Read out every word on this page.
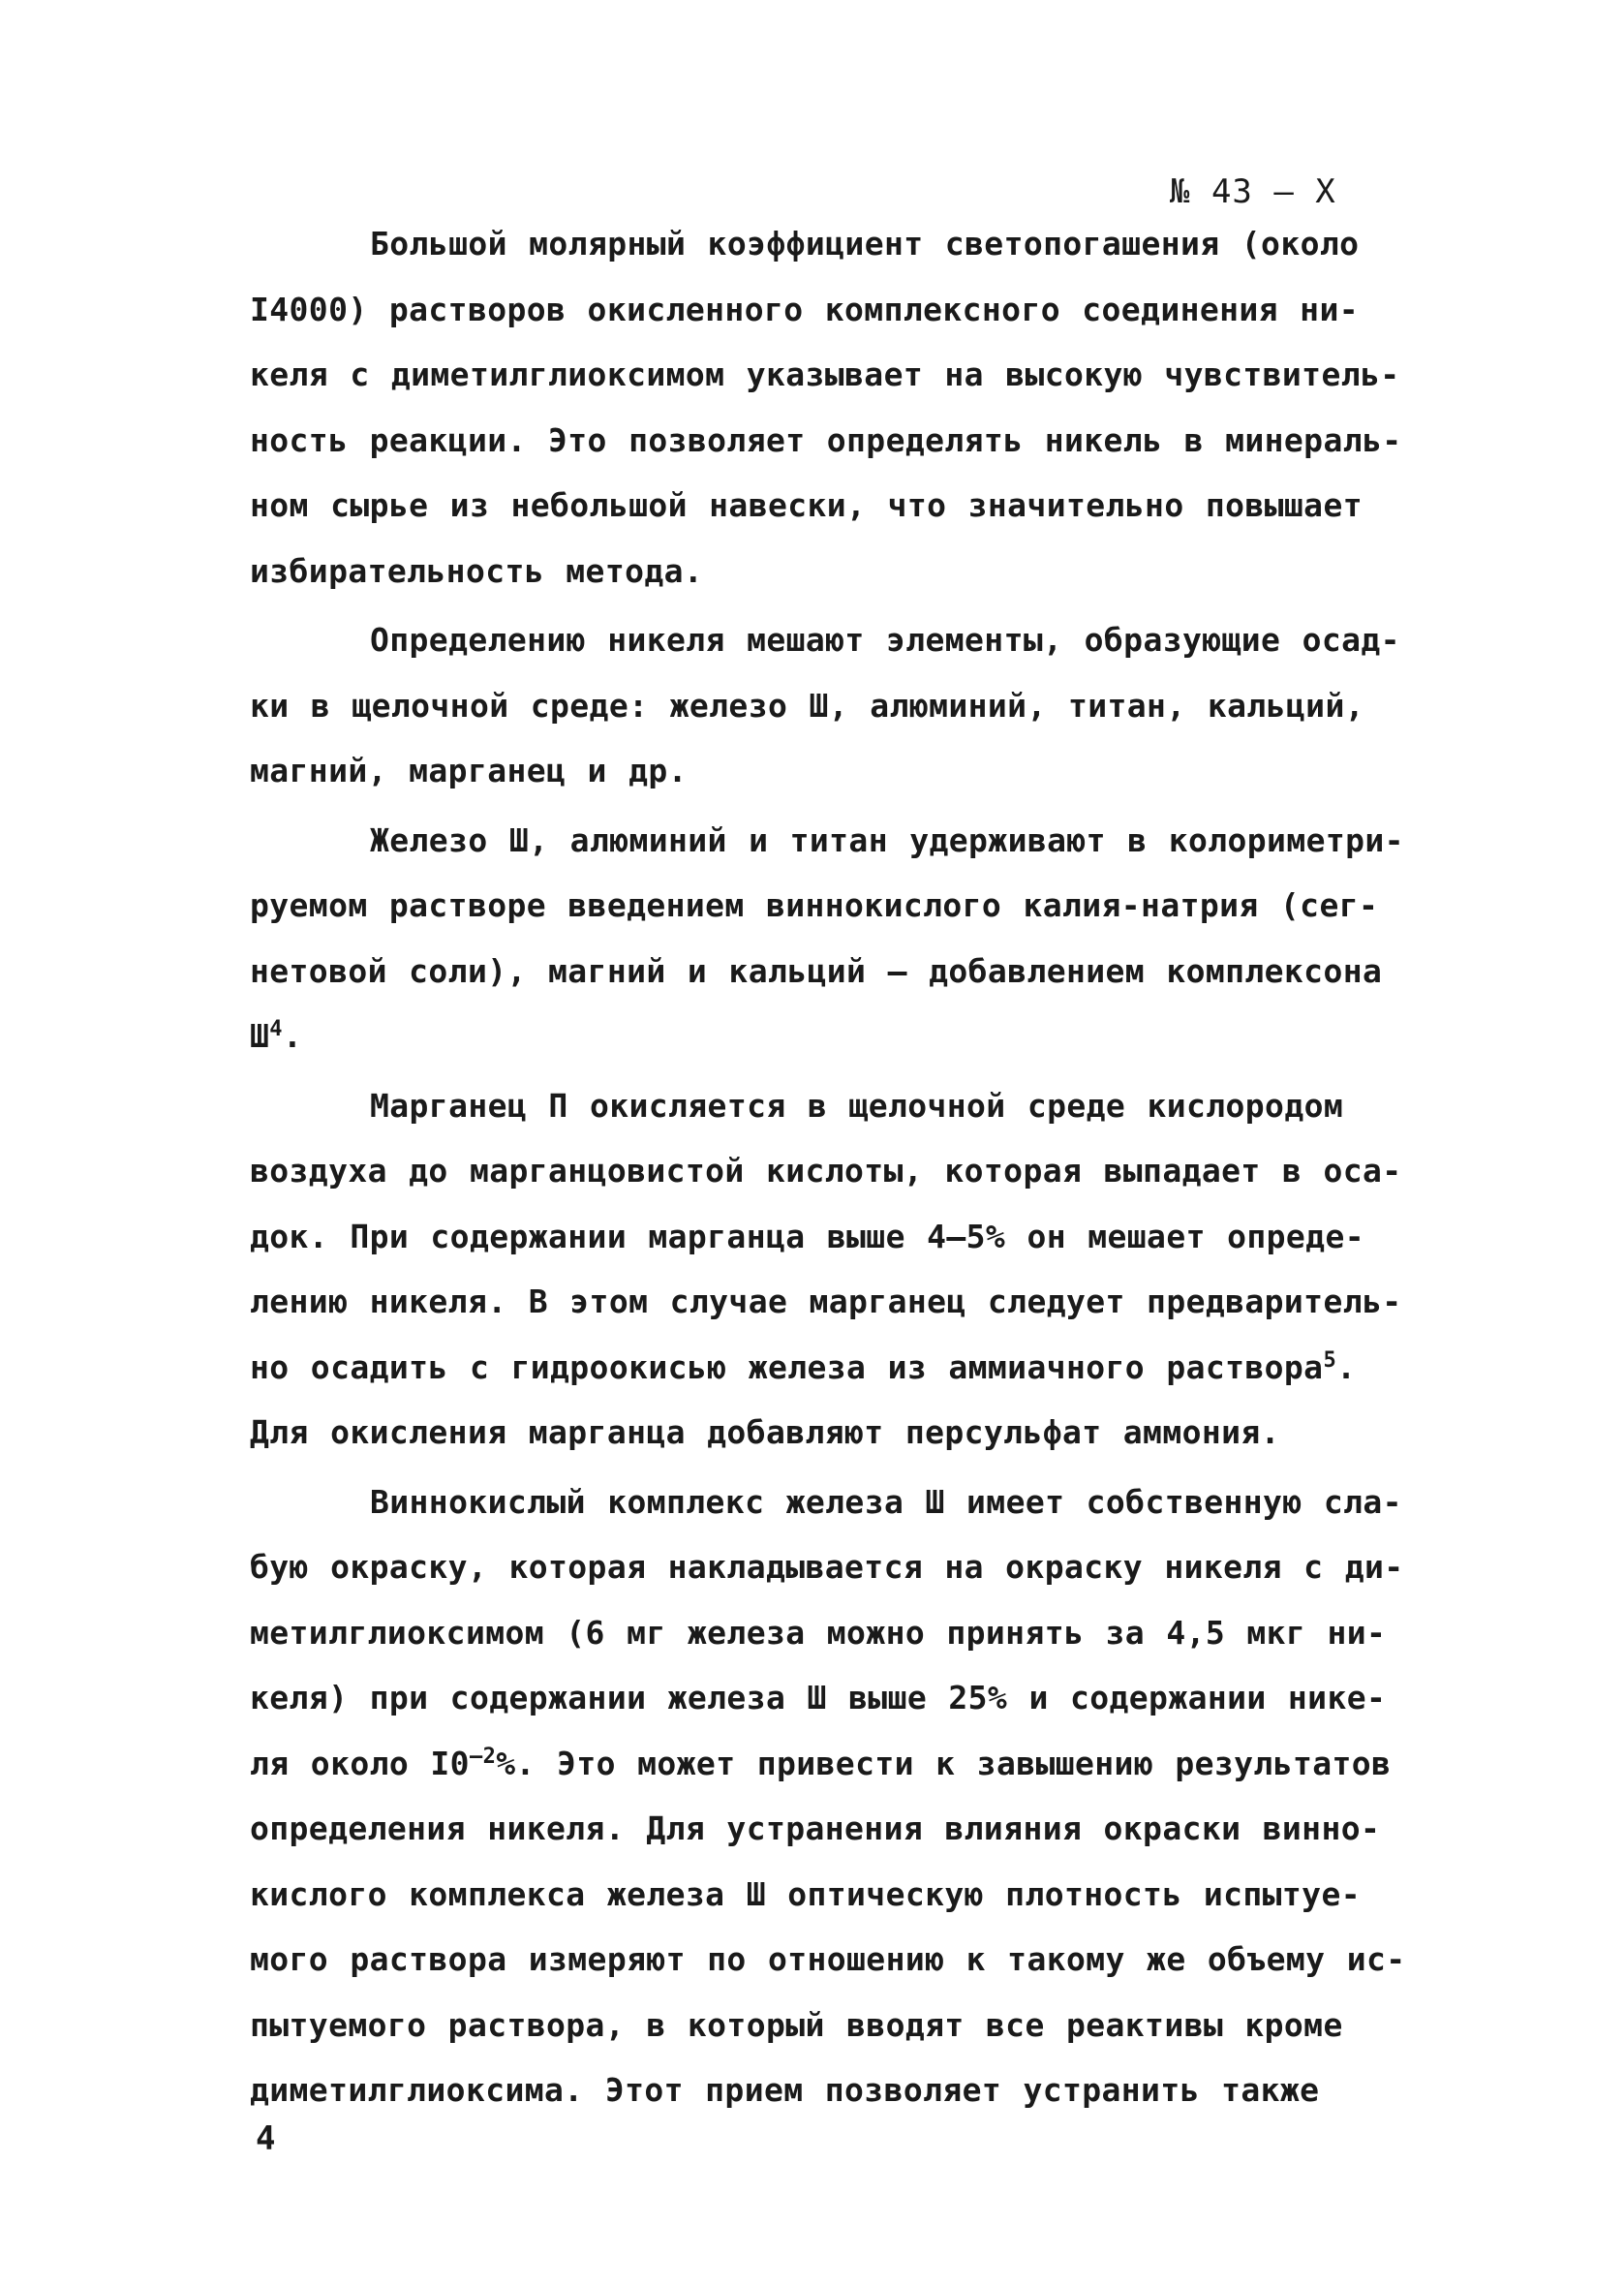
№ 43 – Х
Большой молярный коэффициент светопогашения (около
I4000) растворов окисленного комплексного соединения ни-
келя с диметилглиоксимом указывает на высокую чувствитель-
ность реакции. Это позволяет определять никель в минераль-
ном сырье из небольшой навески, что значительно повышает
избирательность метода.
Определению никеля мешают элементы, образующие осад-
ки в щелочной среде: железо Ш, алюминий, титан, кальций,
магний, марганец и др.
Железо Ш, алюминий и титан удерживают в колориметри-
руемом растворе введением виннокислого калия-натрия (сег-
нетовой соли), магний и кальций – добавлением комплексона
$Ш^4$.
Марганец П окисляется в щелочной среде кислородом
воздуха до марганцовистой кислоты, которая выпадает в оса-
док. При содержании марганца выше 4–5% он мешает опреде-
лению никеля. В этом случае марганец следует предваритель-
но осадить с гидроокисью железа из аммиачного раствора$^5$.
Для окисления марганца добавляют персульфат аммония.
Виннокислый комплекс железа Ш имеет собственную сла-
бую окраску, которая накладывается на окраску никеля с ди-
метилглиоксимом (6 мг железа можно принять за 4,5 мкг ни-
келя) при содержании железа Ш выше 25% и содержании нике-
ля около $I0^{-2}\%$. Это может привести к завышению результатов
определения никеля. Для устранения влияния окраски винно-
кислого комплекса железа Ш оптическую плотность испытуе-
мого раствора измеряют по отношению к такому же объему ис-
пытуемого раствора, в который вводят все реактивы кроме
диметилглиоксима. Этот прием позволяет устранить также
4
